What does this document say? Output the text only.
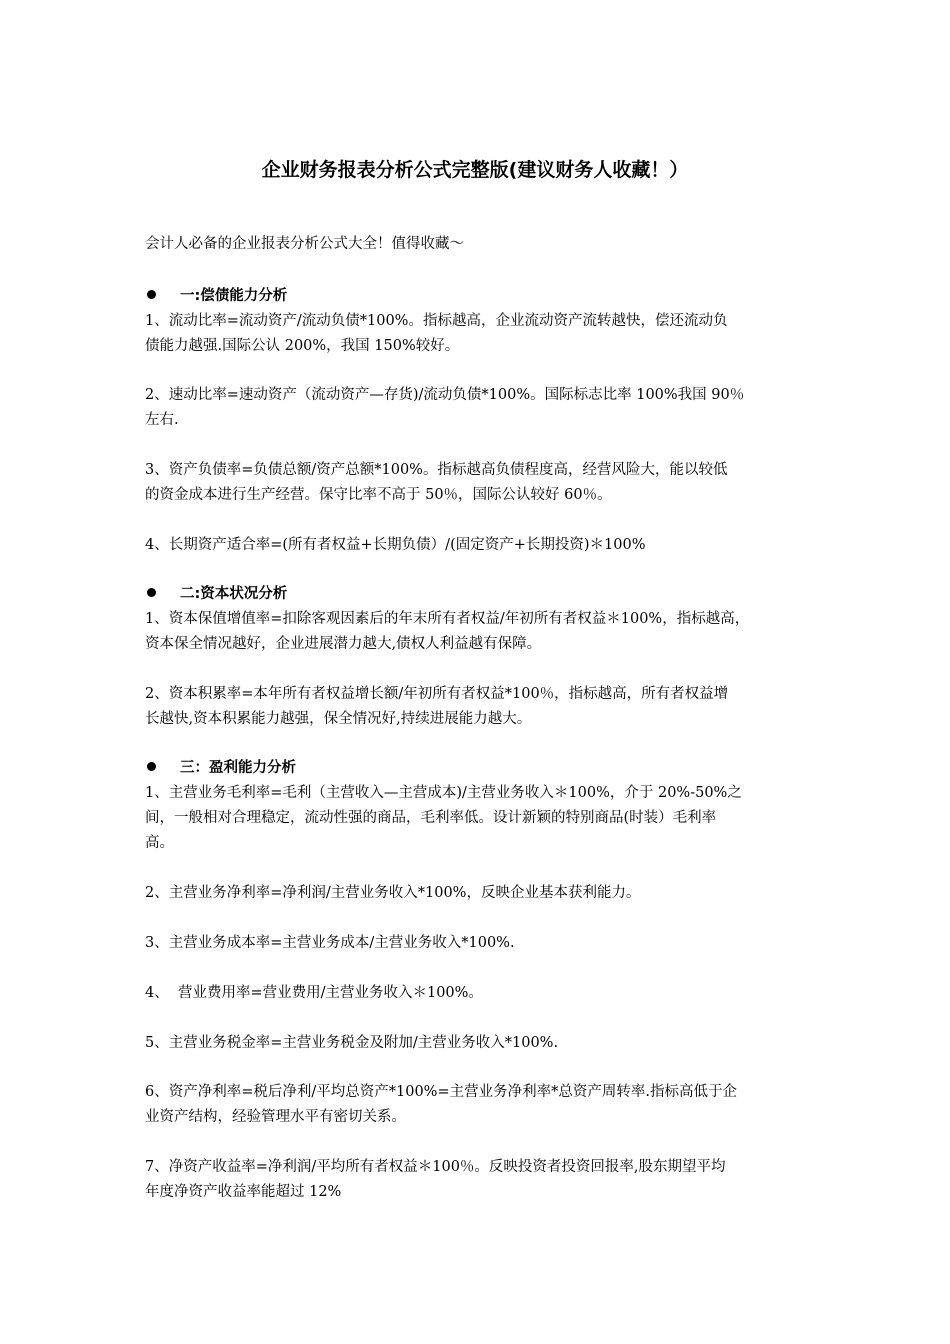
企业财务报表分析公式完整版(建议财务人收藏！）
会计人必备的企业报表分析公式大全！值得收藏～
一:偿债能力分析
1、流动比率=流动资产/流动负债*100%。指标越高，企业流动资产流转越快，偿还流动负
债能力越强.国际公认 200%，我国 150%较好。
2、速动比率=速动资产（流动资产—存货)/流动负债*100%。国际标志比率 100%我国 90％
左右.
3、资产负债率=负债总额/资产总额*100%。指标越高负债程度高，经营风险大，能以较低
的资金成本进行生产经营。保守比率不高于 50％，国际公认较好 60％。
4、长期资产适合率=(所有者权益+长期负债）/(固定资产+长期投资)＊100%
二:资本状况分析
1、资本保值增值率=扣除客观因素后的年末所有者权益/年初所有者权益＊100%，指标越高，
资本保全情况越好，企业进展潜力越大,债权人利益越有保障。
2、资本积累率=本年所有者权益增长额/年初所有者权益*100％，指标越高，所有者权益增
长越快,资本积累能力越强，保全情况好,持续进展能力越大。
三：盈利能力分析
1、主营业务毛利率=毛利（主营收入—主营成本)/主营业务收入＊100%，介于 20%-50%之
间，一般相对合理稳定，流动性强的商品，毛利率低。设计新颖的特别商品(时装）毛利率
高。
2、主营业务净利率=净利润/主营业务收入*100%，反映企业基本获利能力。
3、主营业务成本率=主营业务成本/主营业务收入*100%.
4、  营业费用率=营业费用/主营业务收入＊100%。
5、主营业务税金率=主营业务税金及附加/主营业务收入*100%.
6、资产净利率=税后净利/平均总资产*100%=主营业务净利率*总资产周转率.指标高低于企
业资产结构，经验管理水平有密切关系。
7、净资产收益率=净利润/平均所有者权益＊100％。反映投资者投资回报率,股东期望平均
年度净资产收益率能超过 12%
